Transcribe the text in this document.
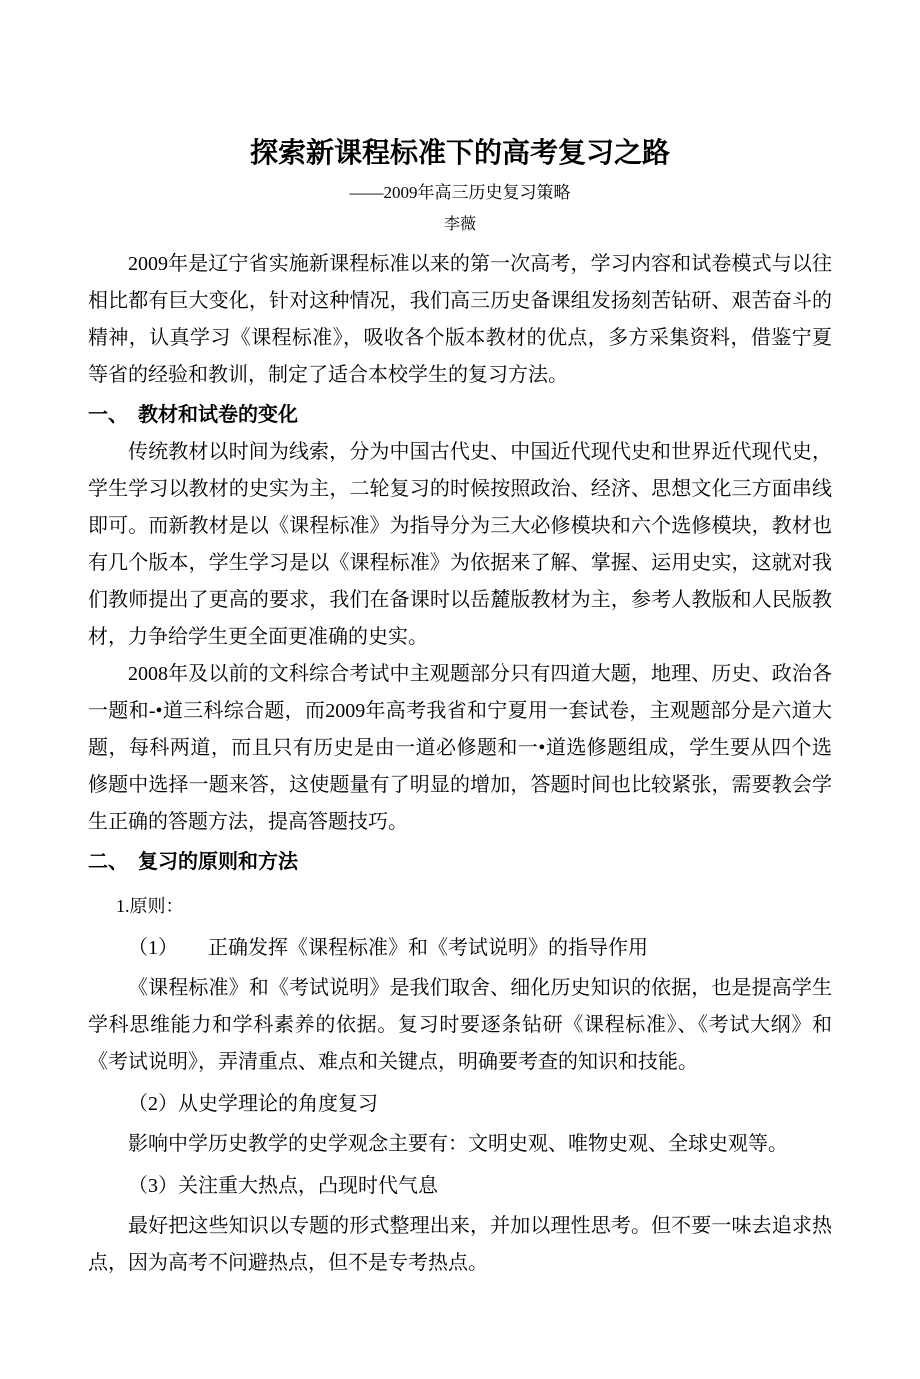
探索新课程标准下的高考复习之路
——2009年高三历史复习策略
李薇

2009年是辽宁省实施新课程标准以来的第一次高考，学习内容和试卷模式与以往相比都有巨大变化，针对这种情况，我们高三历史备课组发扬刻苦钻研、艰苦奋斗的精神，认真学习《课程标准》，吸收各个版本教材的优点，多方采集资料，借鉴宁夏等省的经验和教训，制定了适合本校学生的复习方法。

一、　教材和试卷的变化

传统教材以时间为线索，分为中国古代史、中国近代现代史和世界近代现代史，学生学习以教材的史实为主，二轮复习的时候按照政治、经济、思想文化三方面串线即可。而新教材是以《课程标准》为指导分为三大必修模块和六个选修模块，教材也有几个版本，学生学习是以《课程标准》为依据来了解、掌握、运用史实，这就对我们教师提出了更高的要求，我们在备课时以岳麓版教材为主，参考人教版和人民版教材，力争给学生更全面更准确的史实。

2008年及以前的文科综合考试中主观题部分只有四道大题，地理、历史、政治各一题和-•道三科综合题，而2009年高考我省和宁夏用一套试卷，主观题部分是六道大题，每科两道，而且只有历史是由一道必修题和一•道选修题组成，学生要从四个选修题中选择一题来答，这使题量有了明显的增加，答题时间也比较紧张，需要教会学生正确的答题方法，提高答题技巧。

二、　复习的原则和方法
1.原则：
（1）　　正确发挥《课程标准》和《考试说明》的指导作用

《课程标准》和《考试说明》是我们取舍、细化历史知识的依据，也是提高学生学科思维能力和学科素养的依据。复习时要逐条钻研《课程标准》、《考试大纲》和《考试说明》，弄清重点、难点和关键点，明确要考查的知识和技能。

（2）从史学理论的角度复习

影响中学历史教学的史学观念主要有：文明史观、唯物史观、全球史观等。

（3）关注重大热点，凸现时代气息

最好把这些知识以专题的形式整理出来，并加以理性思考。但不要一味去追求热点，因为高考不问避热点，但不是专考热点。
